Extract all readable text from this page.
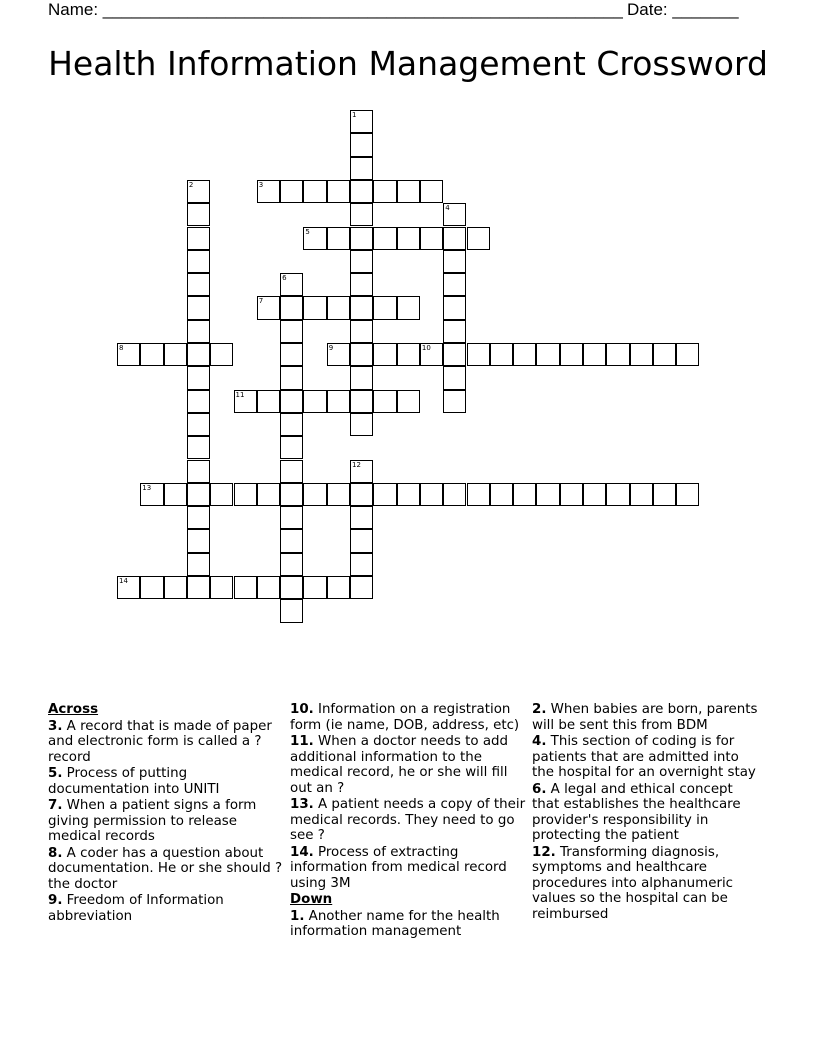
Name: _______________________________________________________ Date: _______
Health Information Management Crossword
3
5
7
8	9	10
11
13
14
1
2
4
6
12
Across
3. A record that is made of paper and electronic form is called a ? record
5. Process of putting documentation into UNITI
7. When a patient signs a form giving permission to release medical records
8. A coder has a question about documentation. He or she should ? the doctor
9. Freedom of Information abbreviation
10. Information on a registration form (ie name, DOB, address, etc)
11. When a doctor needs to add additional information to the medical record, he or she will fill out an ?
13. A patient needs a copy of their medical records. They need to go see ?
14. Process of extracting information from medical record using 3M
Down
1. Another name for the health information management
2. When babies are born, parents will be sent this from BDM
4. This section of coding is for patients that are admitted into the hospital for an overnight stay
6. A legal and ethical concept that establishes the healthcare provider's responsibility in protecting the patient
12. Transforming diagnosis, symptoms and healthcare procedures into alphanumeric values so the hospital can be reimbursed
